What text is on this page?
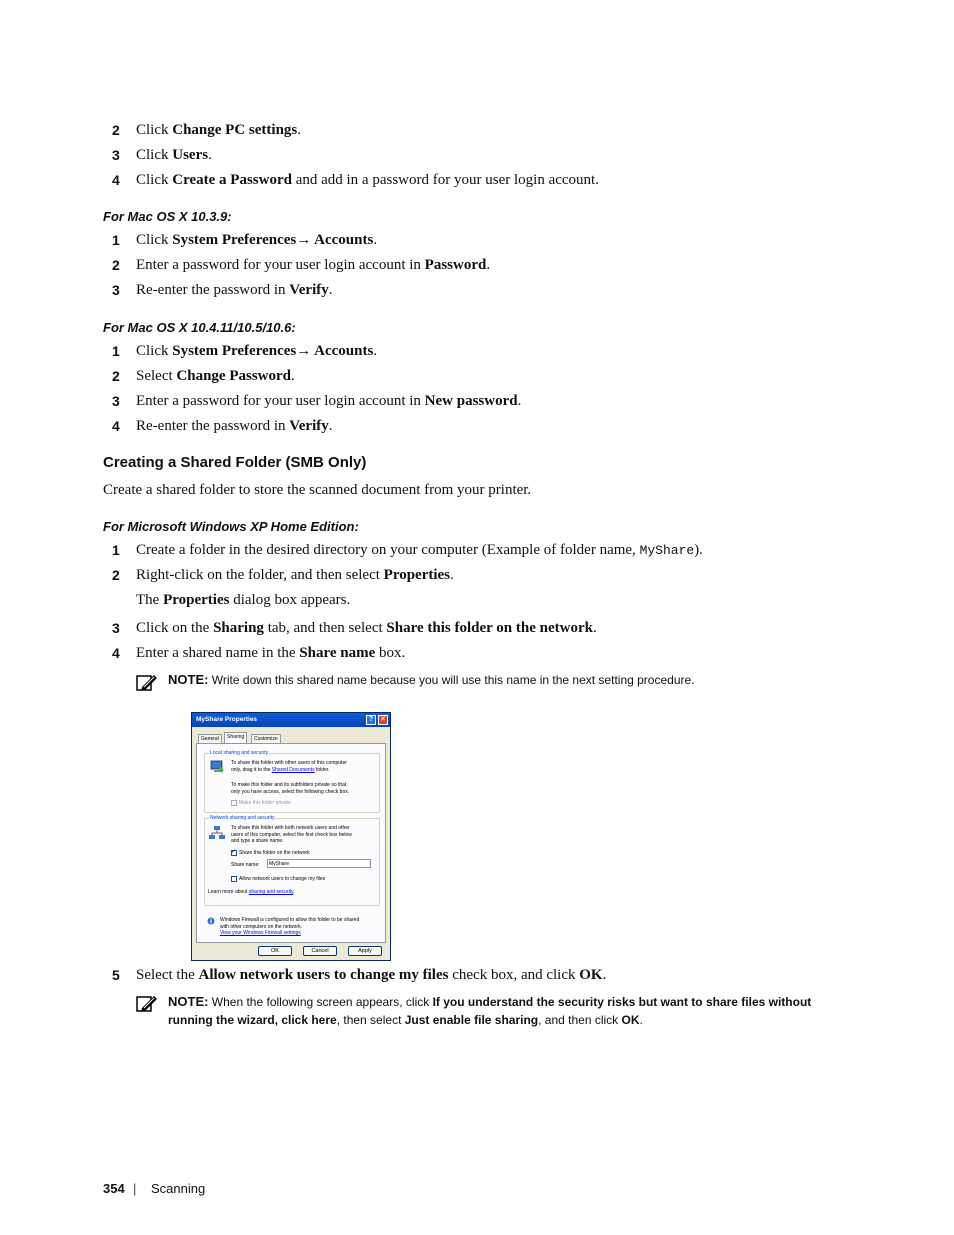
2 Click Change PC settings.
3 Click Users.
4 Click Create a Password and add in a password for your user login account.
For Mac OS X 10.3.9:
1 Click System Preferences→ Accounts.
2 Enter a password for your user login account in Password.
3 Re-enter the password in Verify.
For Mac OS X 10.4.11/10.5/10.6:
1 Click System Preferences→ Accounts.
2 Select Change Password.
3 Enter a password for your user login account in New password.
4 Re-enter the password in Verify.
Creating a Shared Folder (SMB Only)
Create a shared folder to store the scanned document from your printer.
For Microsoft Windows XP Home Edition:
1 Create a folder in the desired directory on your computer (Example of folder name, MyShare).
2 Right-click on the folder, and then select Properties.
The Properties dialog box appears.
3 Click on the Sharing tab, and then select Share this folder on the network.
4 Enter a shared name in the Share name box.
NOTE: Write down this shared name because you will use this name in the next setting procedure.
MyShare Properties	? ✕
General	Sharing	Customize
Local sharing and security
To share this folder with other users of this computer
only, drag it to the Shared Documents folder.
To make this folder and its subfolders private so that
only you have access, select the following check box.
Make this folder private
Network sharing and security
To share this folder with both network users and other
users of this computer, select the first check box below
and type a share name.
✓ Share this folder on the network
Share name:	MyShare
Allow network users to change my files
Learn more about sharing and security.
Windows Firewall is configured to allow this folder to be shared
with other computers on the network.
View your Windows Firewall settings
OK	Cancel	Apply
5 Select the Allow network users to change my files check box, and click OK.
NOTE: When the following screen appears, click If you understand the security risks but want to share files without
running the wizard, click here, then select Just enable file sharing, and then click OK.
354 | Scanning
